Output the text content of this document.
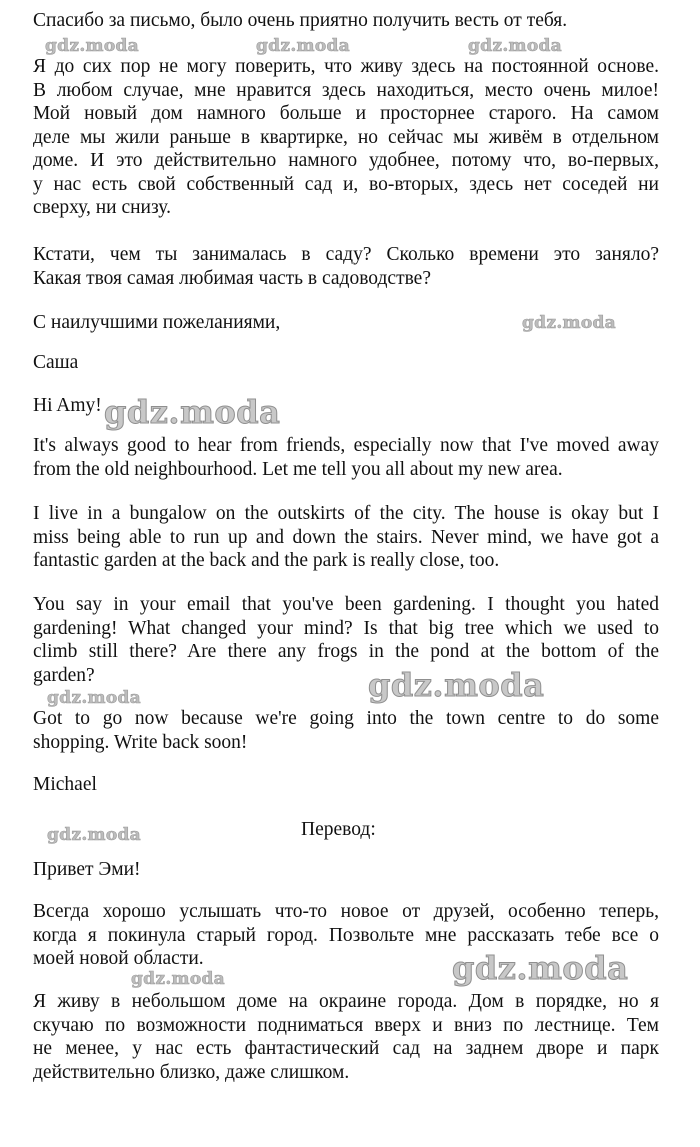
Спасибо за письмо, было очень приятно получить весть от тебя.

Я до сих пор не могу поверить, что живу здесь на постоянной основе.
В любом случае, мне нравится здесь находиться, место очень милое!
Мой новый дом намного больше и просторнее старого. На самом
деле мы жили раньше в квартирке, но сейчас мы живём в отдельном
доме. И это действительно намного удобнее, потому что, во-первых,
у нас есть свой собственный сад и, во-вторых, здесь нет соседей ни
сверху, ни снизу.

Кстати, чем ты занималась в саду? Сколько времени это заняло?
Какая твоя самая любимая часть в садоводстве?

С наилучшими пожеланиями,

Саша

Hi Amy!

It's always good to hear from friends, especially now that I've moved away
from the old neighbourhood. Let me tell you all about my new area.

I live in a bungalow on the outskirts of the city. The house is okay but I
miss being able to run up and down the stairs. Never mind, we have got a
fantastic garden at the back and the park is really close, too.

You say in your email that you've been gardening. I thought you hated
gardening! What changed your mind? Is that big tree which we used to
climb still there? Are there any frogs in the pond at the bottom of the
garden?

Got to go now because we're going into the town centre to do some
shopping. Write back soon!

Michael

Перевод:

Привет Эми!

Всегда хорошо услышать что-то новое от друзей, особенно теперь,
когда я покинула старый город. Позвольте мне рассказать тебе все о
моей новой области.

Я живу в небольшом доме на окраине города. Дом в порядке, но я
скучаю по возможности подниматься вверх и вниз по лестнице. Тем
не менее, у нас есть фантастический сад на заднем дворе и парк
действительно близко, даже слишком.

gdz.moda	gdz.moda	gdz.moda
gdz.moda
gdz.moda
gdz.moda
gdz.moda
gdz.moda
gdz.moda
gdz.moda
